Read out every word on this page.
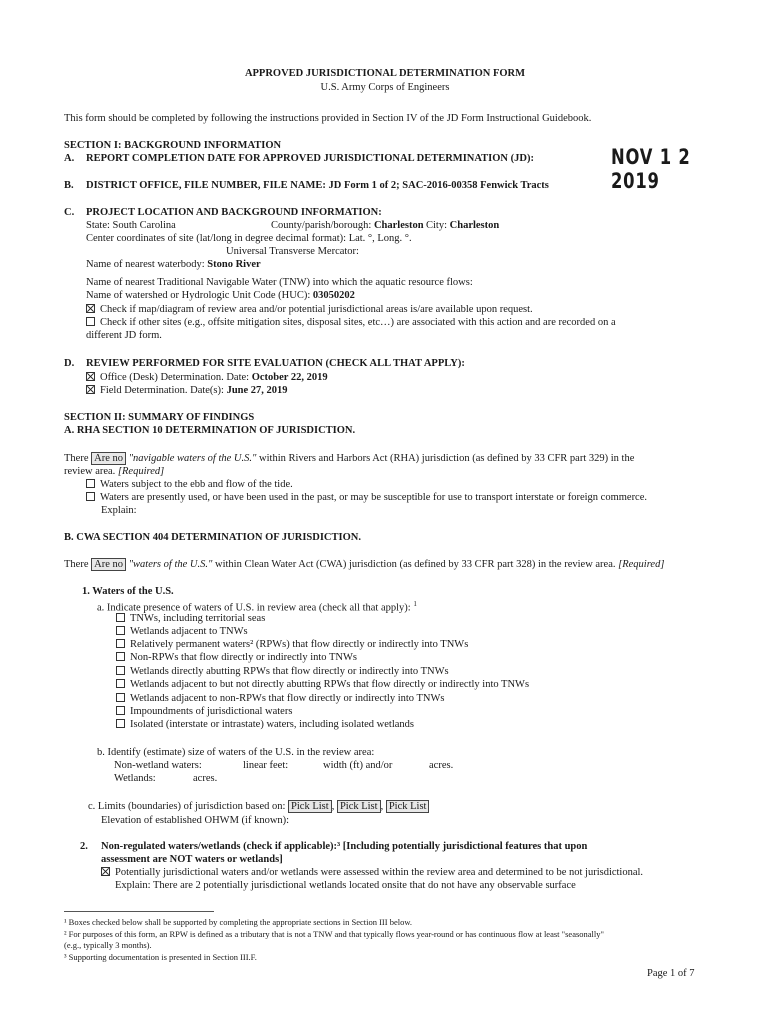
APPROVED JURISDICTIONAL DETERMINATION FORM
U.S. Army Corps of Engineers
This form should be completed by following the instructions provided in Section IV of the JD Form Instructional Guidebook.
SECTION I: BACKGROUND INFORMATION
A. REPORT COMPLETION DATE FOR APPROVED JURISDICTIONAL DETERMINATION (JD):	NOV 1 2 2019
B. DISTRICT OFFICE, FILE NUMBER, FILE NAME: JD Form 1 of 2; SAC-2016-00358 Fenwick Tracts
C. PROJECT LOCATION AND BACKGROUND INFORMATION:
State: South Carolina	County/parish/borough: Charleston City: Charleston
Center coordinates of site (lat/long in degree decimal format): Lat. °, Long. °.
Universal Transverse Mercator:
Name of nearest waterbody: Stono River
Name of nearest Traditional Navigable Water (TNW) into which the aquatic resource flows:
Name of watershed or Hydrologic Unit Code (HUC): 03050202
Check if map/diagram of review area and/or potential jurisdictional areas is/are available upon request.
Check if other sites (e.g., offsite mitigation sites, disposal sites, etc…) are associated with this action and are recorded on a
different JD form.
D. REVIEW PERFORMED FOR SITE EVALUATION (CHECK ALL THAT APPLY):
Office (Desk) Determination. Date: October 22, 2019
Field Determination. Date(s): June 27, 2019
SECTION II: SUMMARY OF FINDINGS
A. RHA SECTION 10 DETERMINATION OF JURISDICTION.
There Are no "navigable waters of the U.S." within Rivers and Harbors Act (RHA) jurisdiction (as defined by 33 CFR part 329) in the
review area. [Required]
Waters subject to the ebb and flow of the tide.
Waters are presently used, or have been used in the past, or may be susceptible for use to transport interstate or foreign commerce.
Explain:
B. CWA SECTION 404 DETERMINATION OF JURISDICTION.
There Are no "waters of the U.S." within Clean Water Act (CWA) jurisdiction (as defined by 33 CFR part 328) in the review area. [Required]
1. Waters of the U.S.
a. Indicate presence of waters of U.S. in review area (check all that apply): $^1$
TNWs, including territorial seas
Wetlands adjacent to TNWs
Relatively permanent waters² (RPWs) that flow directly or indirectly into TNWs
Non-RPWs that flow directly or indirectly into TNWs
Wetlands directly abutting RPWs that flow directly or indirectly into TNWs
Wetlands adjacent to but not directly abutting RPWs that flow directly or indirectly into TNWs
Wetlands adjacent to non-RPWs that flow directly or indirectly into TNWs
Impoundments of jurisdictional waters
Isolated (interstate or intrastate) waters, including isolated wetlands
b. Identify (estimate) size of waters of the U.S. in the review area:
Non-wetland waters:	linear feet:	width (ft) and/or	acres.
Wetlands:	acres.
c. Limits (boundaries) of jurisdiction based on: Pick List , Pick List , Pick List
Elevation of established OHWM (if known):
2. Non-regulated waters/wetlands (check if applicable):³ [Including potentially jurisdictional features that upon
assessment are NOT waters or wetlands]
Potentially jurisdictional waters and/or wetlands were assessed within the review area and determined to be not jurisdictional.
Explain: There are 2 potentially jurisdictional wetlands located onsite that do not have any observable surface
¹ Boxes checked below shall be supported by completing the appropriate sections in Section III below.
² For purposes of this form, an RPW is defined as a tributary that is not a TNW and that typically flows year-round or has continuous flow at least "seasonally"
(e.g., typically 3 months).
³ Supporting documentation is presented in Section III.F.
Page 1 of 7
